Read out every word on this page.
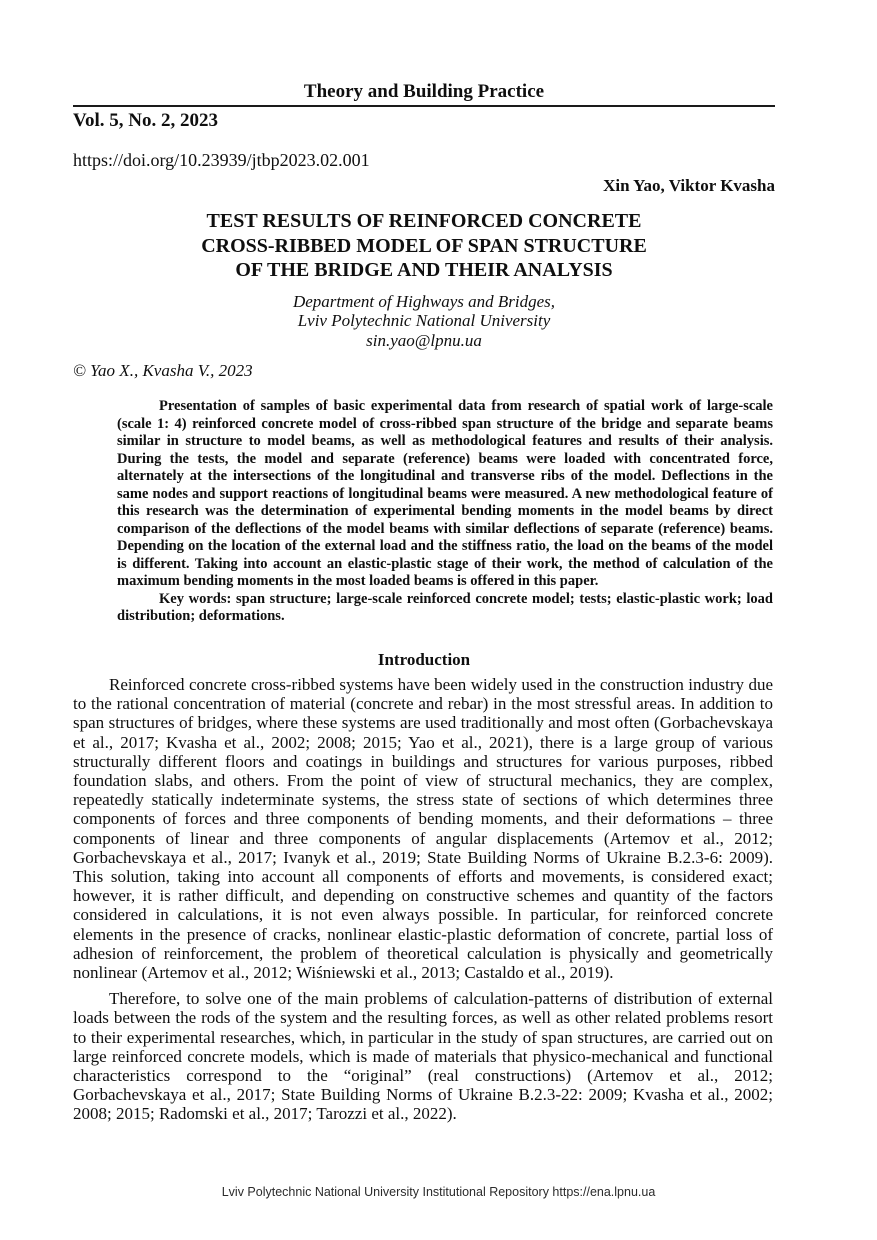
Theory and Building Practice
Vol. 5, No. 2, 2023
https://doi.org/10.23939/jtbp2023.02.001
Xin Yao, Viktor Kvasha
TEST RESULTS OF REINFORCED CONCRETE
CROSS-RIBBED MODEL OF SPAN STRUCTURE
OF THE BRIDGE AND THEIR ANALYSIS
Department of Highways and Bridges,
Lviv Polytechnic National University
sin.yao@lpnu.ua
© Yao X., Kvasha V., 2023

Presentation of samples of basic experimental data from research of spatial work of large-scale (scale 1: 4) reinforced concrete model of cross-ribbed span structure of the bridge and separate beams similar in structure to model beams, as well as methodological features and results of their analysis. During the tests, the model and separate (reference) beams were loaded with concentrated force, alternately at the intersections of the longitudinal and transverse ribs of the model. Deflections in the same nodes and support reactions of longitudinal beams were measured. A new methodological feature of this research was the determination of experimental bending moments in the model beams by direct comparison of the deflections of the model beams with similar deflections of separate (reference) beams. Depending on the location of the external load and the stiffness ratio, the load on the beams of the model is different. Taking into account an elastic-plastic stage of their work, the method of calculation of the maximum bending moments in the most loaded beams is offered in this paper.

Key words: span structure; large-scale reinforced concrete model; tests; elastic-plastic work; load distribution; deformations.

Introduction

Reinforced concrete cross-ribbed systems have been widely used in the construction industry due to the rational concentration of material (concrete and rebar) in the most stressful areas. In addition to span structures of bridges, where these systems are used traditionally and most often (Gorbachevskaya et al., 2017; Kvasha et al., 2002; 2008; 2015; Yao et al., 2021), there is a large group of various structurally different floors and coatings in buildings and structures for various purposes, ribbed foundation slabs, and others. From the point of view of structural mechanics, they are complex, repeatedly statically indeterminate systems, the stress state of sections of which determines three components of forces and three components of bending moments, and their deformations – three components of linear and three components of angular displacements (Artemov et al., 2012; Gorbachevskaya et al., 2017; Ivanyk et al., 2019; State Building Norms of Ukraine B.2.3-6: 2009). This solution, taking into account all components of efforts and movements, is considered exact; however, it is rather difficult, and depending on constructive schemes and quantity of the factors considered in calculations, it is not even always possible. In particular, for reinforced concrete elements in the presence of cracks, nonlinear elastic-plastic deformation of concrete, partial loss of adhesion of reinforcement, the problem of theoretical calculation is physically and geometrically nonlinear (Artemov et al., 2012; Wiśniewski et al., 2013; Castaldo et al., 2019).

Therefore, to solve one of the main problems of calculation-patterns of distribution of external loads between the rods of the system and the resulting forces, as well as other related problems resort to their experimental researches, which, in particular in the study of span structures, are carried out on large reinforced concrete models, which is made of materials that physico-mechanical and functional characteristics correspond to the “original” (real constructions) (Artemov et al., 2012; Gorbachevskaya et al., 2017; State Building Norms of Ukraine B.2.3-22: 2009; Kvasha et al., 2002; 2008; 2015; Radomski et al., 2017; Tarozzi et al., 2022).

Lviv Polytechnic National University Institutional Repository https://ena.lpnu.ua
